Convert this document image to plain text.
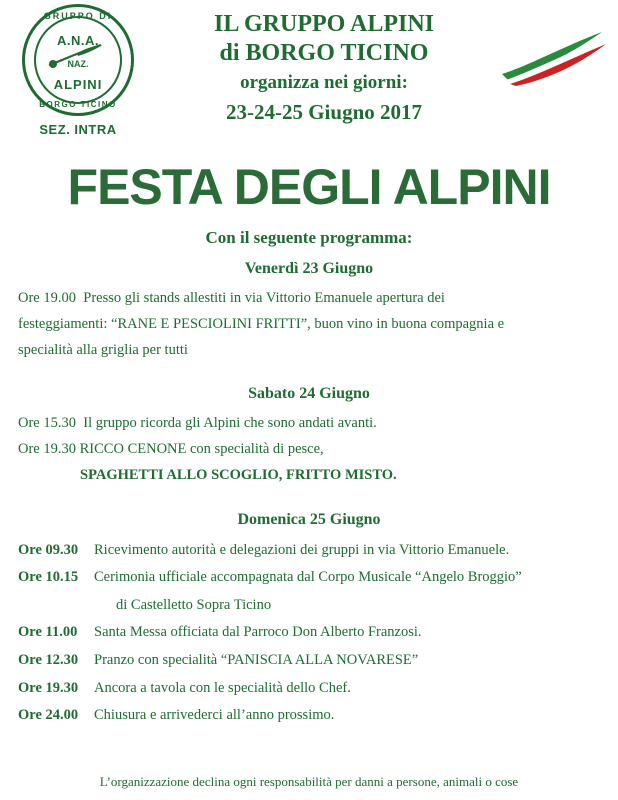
GRUPPO DI
A.N.A.
NAZ.
ALPINI
BORGO TICINO
SEZ. INTRA
IL GRUPPO ALPINI
di BORGO TICINO
organizza nei giorni:
23-24-25 Giugno 2017
FESTA DEGLI ALPINI
Con il seguente programma:
Venerdì 23 Giugno
Ore 19.00 Presso gli stands allestiti in via Vittorio Emanuele apertura dei
festeggiamenti: “RANE E PESCIOLINI FRITTI”, buon vino in buona compagnia e
specialità alla griglia per tutti
Sabato 24 Giugno
Ore 15.30 Il gruppo ricorda gli Alpini che sono andati avanti.
Ore 19.30 RICCO CENONE con specialità di pesce,
SPAGHETTI ALLO SCOGLIO, FRITTO MISTO.
Domenica 25 Giugno
Ore 09.30	Ricevimento autorità e delegazioni dei gruppi in via Vittorio Emanuele.
Ore 10.15	Cerimonia ufficiale accompagnata dal Corpo Musicale “Angelo Broggio”
di Castelletto Sopra Ticino
Ore 11.00	Santa Messa officiata dal Parroco Don Alberto Franzosi.
Ore 12.30	Pranzo con specialità “PANISCIA ALLA NOVARESE”
Ore 19.30	Ancora a tavola con le specialità dello Chef.
Ore 24.00	Chiusura e arrivederci all’anno prossimo.
L’organizzazione declina ogni responsabilità per danni a persone, animali o cose
